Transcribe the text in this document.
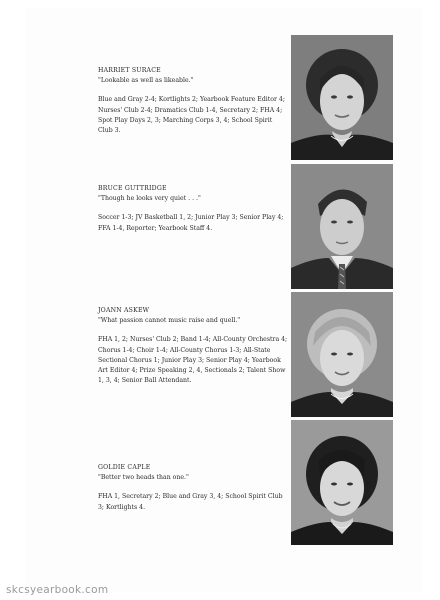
HARRIET SURACE
"Lookable as well as likeable."
Blue and Gray 2-4; Kortlights 2; Yearbook Feature Editor 4; Nurses' Club 2-4; Dramatics Club 1-4, Secretary 2; FHA 4; Spot Play Days 2, 3; Marching Corps 3, 4; School Spirit Club 3.
BRUCE GUTTRIDGE
"Though he looks very quiet . . ."
Soccer 1-3; JV Basketball 1, 2; Junior Play 3; Senior Play 4; FFA 1-4, Reporter; Yearbook Staff 4.
JOANN ASKEW
"What passion cannot music raise and quell."
FHA 1, 2; Nurses' Club 2; Band 1-4; All-County Orchestra 4; Chorus 1-4; Choir 1-4; All-County Chorus 1-3; All-State Sectional Chorus 1; Junior Play 3; Senior Play 4; Yearbook Art Editor 4; Prize Speaking 2, 4, Sectionals 2; Talent Show 1, 3, 4; Senior Ball Attendant.
GOLDIE CAPLE
"Better two heads than one."
FHA 1, Secretary 2; Blue and Gray 3, 4; School Spirit Club 3; Kortlights 4.
skcsyearbook.com
